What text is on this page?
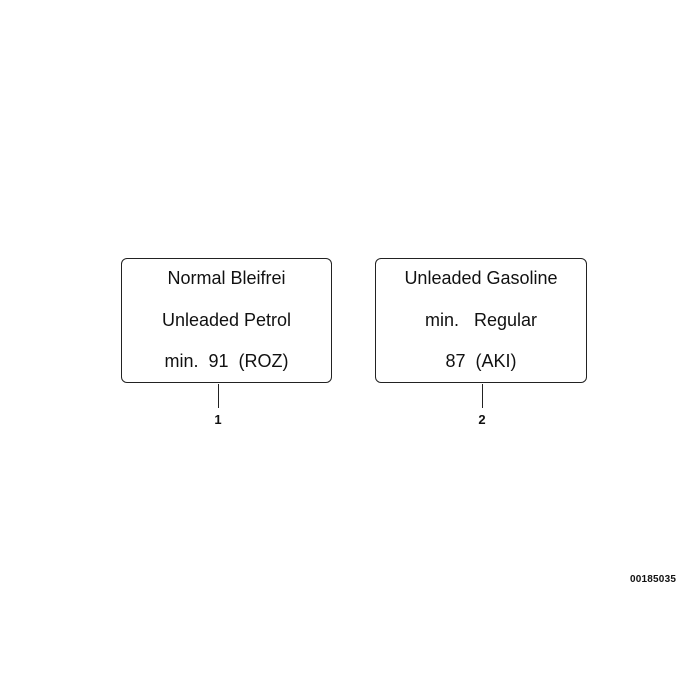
Normal Bleifrei
Unleaded Petrol
min.  91  (ROZ)
Unleaded Gasoline
min.   Regular
87  (AKI)
1	2
00185035
